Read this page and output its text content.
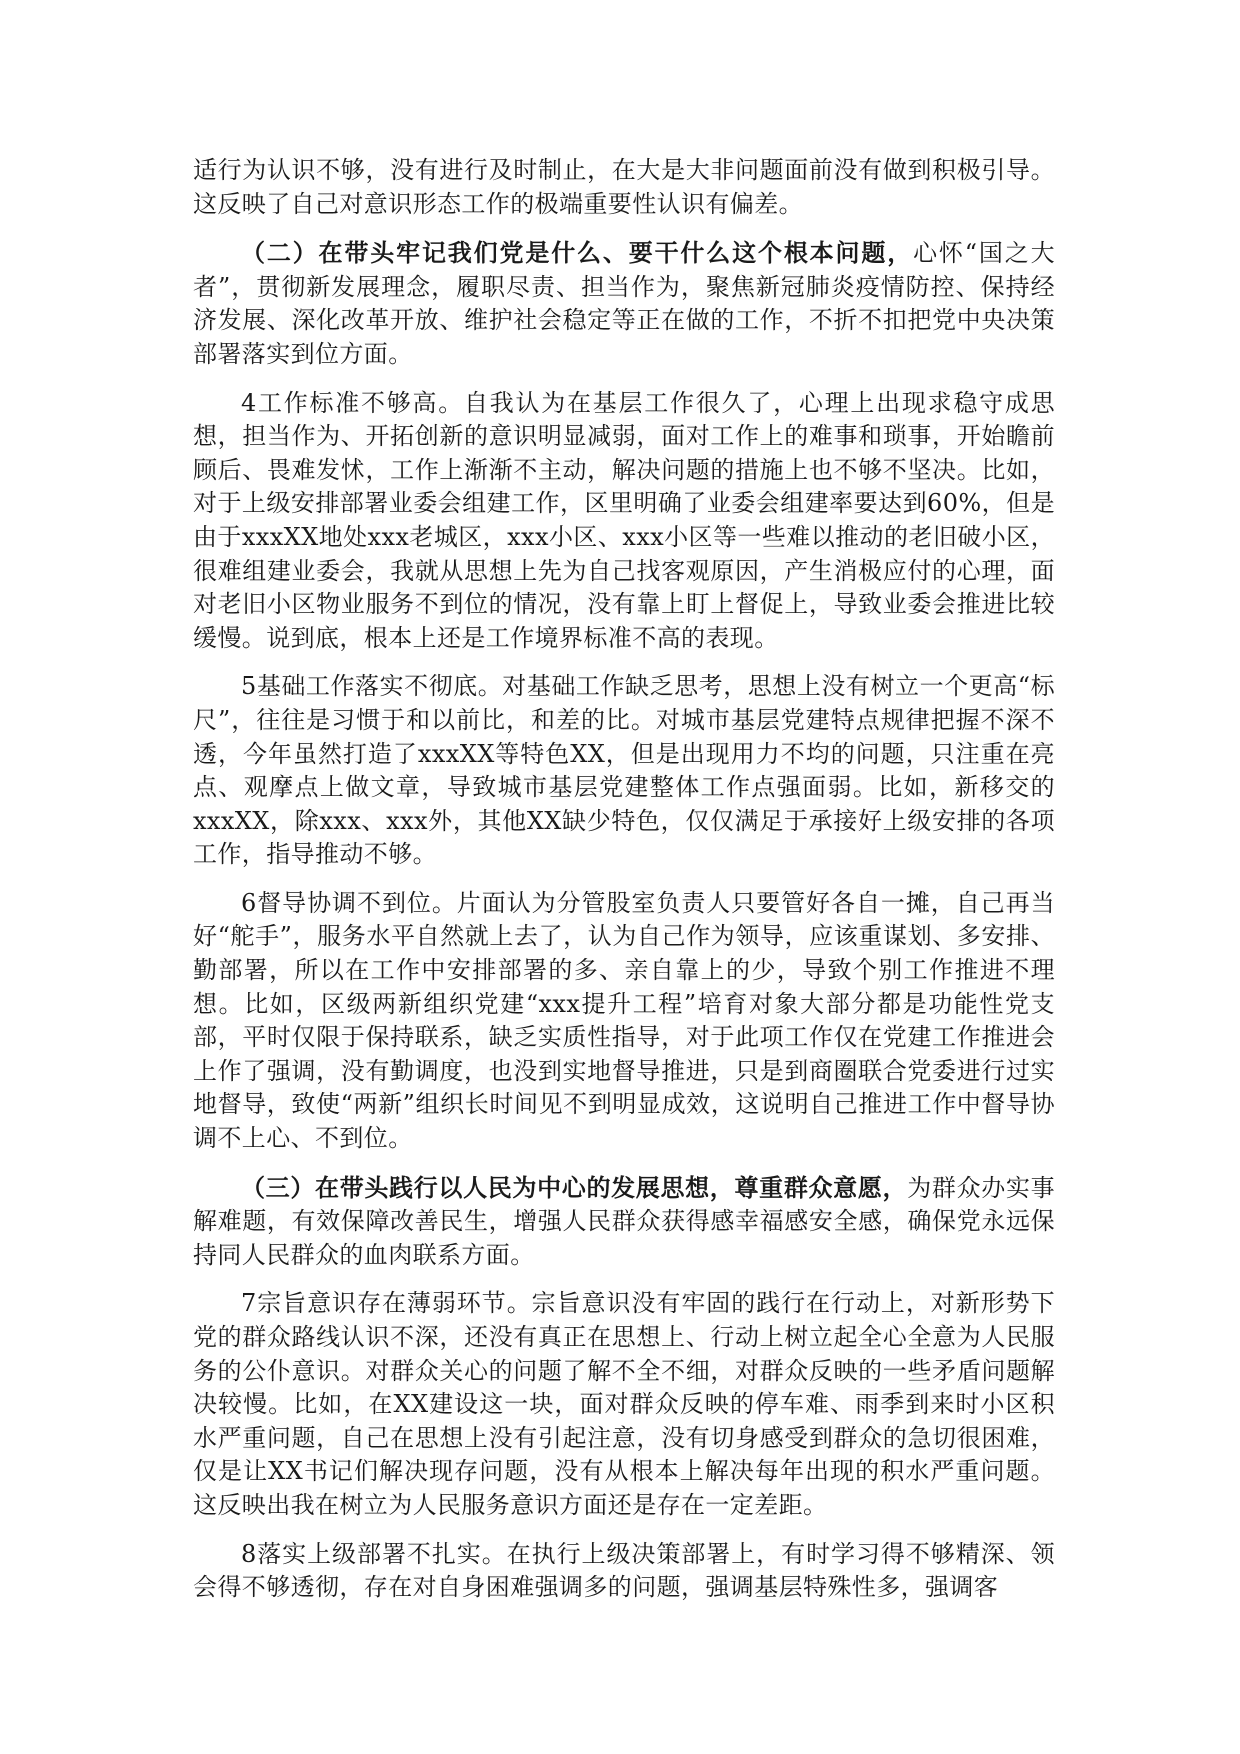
适行为认识不够，没有进行及时制止，在大是大非问题面前没有做到积极引导。这反映了自己对意识形态工作的极端重要性认识有偏差。

（二）在带头牢记我们党是什么、要干什么这个根本问题，心怀“国之大者”，贯彻新发展理念，履职尽责、担当作为，聚焦新冠肺炎疫情防控、保持经济发展、深化改革开放、维护社会稳定等正在做的工作，不折不扣把党中央决策部署落实到位方面。

4工作标准不够高。自我认为在基层工作很久了，心理上出现求稳守成思想，担当作为、开拓创新的意识明显减弱，面对工作上的难事和琐事，开始瞻前顾后、畏难发怵，工作上渐渐不主动，解决问题的措施上也不够不坚决。比如，对于上级安排部署业委会组建工作，区里明确了业委会组建率要达到60%，但是由于xxxXX地处xxx老城区，xxx小区、xxx小区等一些难以推动的老旧破小区，很难组建业委会，我就从思想上先为自己找客观原因，产生消极应付的心理，面对老旧小区物业服务不到位的情况，没有靠上盯上督促上，导致业委会推进比较缓慢。说到底，根本上还是工作境界标准不高的表现。

5基础工作落实不彻底。对基础工作缺乏思考，思想上没有树立一个更高“标尺”，往往是习惯于和以前比，和差的比。对城市基层党建特点规律把握不深不透，今年虽然打造了xxxXX等特色XX，但是出现用力不均的问题，只注重在亮点、观摩点上做文章，导致城市基层党建整体工作点强面弱。比如，新移交的xxxXX，除xxx、xxx外，其他XX缺少特色，仅仅满足于承接好上级安排的各项工作，指导推动不够。

6督导协调不到位。片面认为分管股室负责人只要管好各自一摊，自己再当好“舵手”，服务水平自然就上去了，认为自己作为领导，应该重谋划、多安排、勤部署，所以在工作中安排部署的多、亲自靠上的少，导致个别工作推进不理想。比如，区级两新组织党建“xxx提升工程”培育对象大部分都是功能性党支部，平时仅限于保持联系，缺乏实质性指导，对于此项工作仅在党建工作推进会上作了强调，没有勤调度，也没到实地督导推进，只是到商圈联合党委进行过实地督导，致使“两新”组织长时间见不到明显成效，这说明自己推进工作中督导协调不上心、不到位。

（三）在带头践行以人民为中心的发展思想，尊重群众意愿，为群众办实事解难题，有效保障改善民生，增强人民群众获得感幸福感安全感，确保党永远保持同人民群众的血肉联系方面。

7宗旨意识存在薄弱环节。宗旨意识没有牢固的践行在行动上，对新形势下党的群众路线认识不深，还没有真正在思想上、行动上树立起全心全意为人民服务的公仆意识。对群众关心的问题了解不全不细，对群众反映的一些矛盾问题解决较慢。比如，在XX建设这一块，面对群众反映的停车难、雨季到来时小区积水严重问题，自己在思想上没有引起注意，没有切身感受到群众的急切很困难，仅是让XX书记们解决现存问题，没有从根本上解决每年出现的积水严重问题。这反映出我在树立为人民服务意识方面还是存在一定差距。

8落实上级部署不扎实。在执行上级决策部署上，有时学习得不够精深、领会得不够透彻，存在对自身困难强调多的问题，强调基层特殊性多，强调客
